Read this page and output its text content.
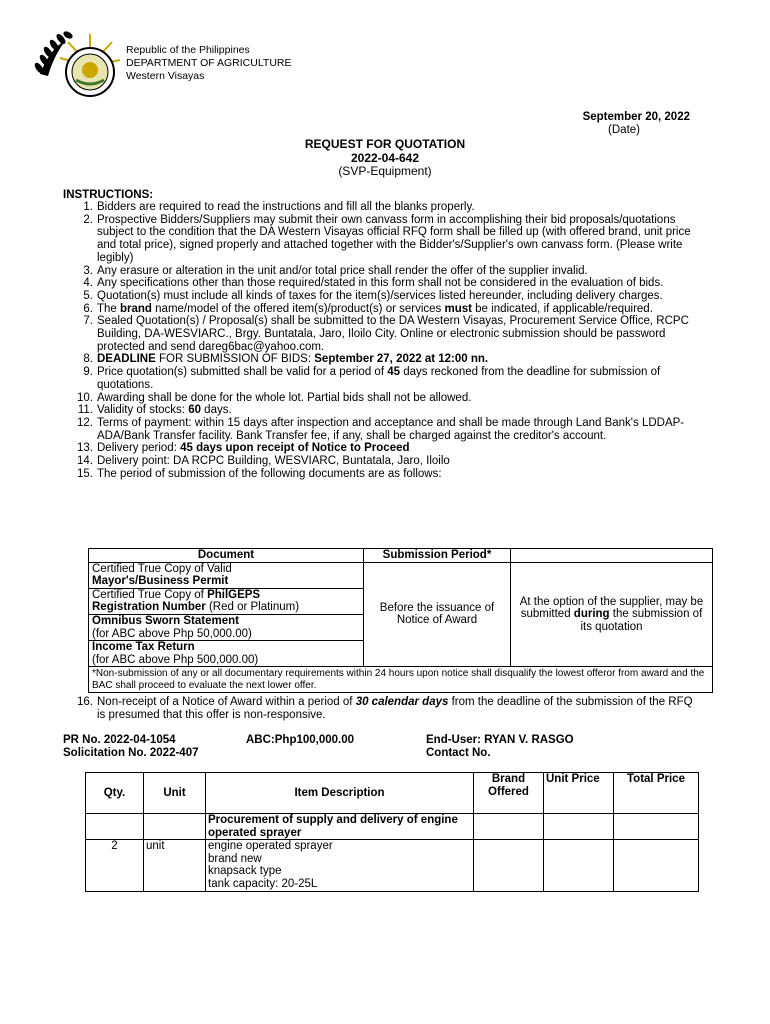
Republic of the Philippines
DEPARTMENT OF AGRICULTURE
Western Visayas
September 20, 2022
(Date)
REQUEST FOR QUOTATION
2022-04-642
(SVP-Equipment)
INSTRUCTIONS:
1. Bidders are required to read the instructions and fill all the blanks properly.
2. Prospective Bidders/Suppliers may submit their own canvass form in accomplishing their bid proposals/quotations subject to the condition that the DA Western Visayas official RFQ form shall be filled up (with offered brand, unit price and total price), signed properly and attached together with the Bidder's/Supplier's own canvass form. (Please write legibly)
3. Any erasure or alteration in the unit and/or total price shall render the offer of the supplier invalid.
4. Any specifications other than those required/stated in this form shall not be considered in the evaluation of bids.
5. Quotation(s) must include all kinds of taxes for the item(s)/services listed hereunder, including delivery charges.
6. The brand name/model of the offered item(s)/product(s) or services must be indicated, if applicable/required.
7. Sealed Quotation(s) / Proposal(s) shall be submitted to the DA Western Visayas, Procurement Service Office, RCPC Building, DA-WESVIARC., Brgy. Buntatala, Jaro, Iloilo City. Online or electronic submission should be password protected and send dareg6bac@yahoo.com.
8. DEADLINE FOR SUBMISSION OF BIDS: September 27, 2022 at 12:00 nn.
9. Price quotation(s) submitted shall be valid for a period of 45 days reckoned from the deadline for submission of quotations.
10. Awarding shall be done for the whole lot. Partial bids shall not be allowed.
11. Validity of stocks: 60 days.
12. Terms of payment: within 15 days after inspection and acceptance and shall be made through Land Bank's LDDAP-ADA/Bank Transfer facility. Bank Transfer fee, if any, shall be charged against the creditor's account.
13. Delivery period: 45 days upon receipt of Notice to Proceed
14. Delivery point: DA RCPC Building, WESVIARC, Buntatala, Jaro, Iloilo
15. The period of submission of the following documents are as follows:
Document	Submission Period*	

Certified True Copy of Valid
Mayor's/Business Permit	Before the issuance of Notice of Award	At the option of the supplier, may be submitted during the submission of its quotation

Certified True Copy of PhilGEPS
Registration Number (Red or Platinum)		

Omnibus Sworn Statement
(for ABC above Php 50,000.00)		

Income Tax Return
(for ABC above Php 500,000.00)		

*Non-submission of any or all documentary requirements within 24 hours upon notice shall disqualify the lowest offeror from award and the BAC shall proceed to evaluate the next lower offer.		
16. Non-receipt of a Notice of Award within a period of 30 calendar days from the deadline of the submission of the RFQ is presumed that this offer is non-responsive.
PR No. 2022-04-1054
Solicitation No. 2022-407
ABC:Php100,000.00	End-User: RYAN V. RASGO
Contact No.
Qty.	Unit	Item Description	Brand Offered	Unit Price	Total Price
		Procurement of supply and delivery of engine operated sprayer			
2	unit	engine operated sprayer
brand new
knapsack type
tank capacity: 20-25L			
